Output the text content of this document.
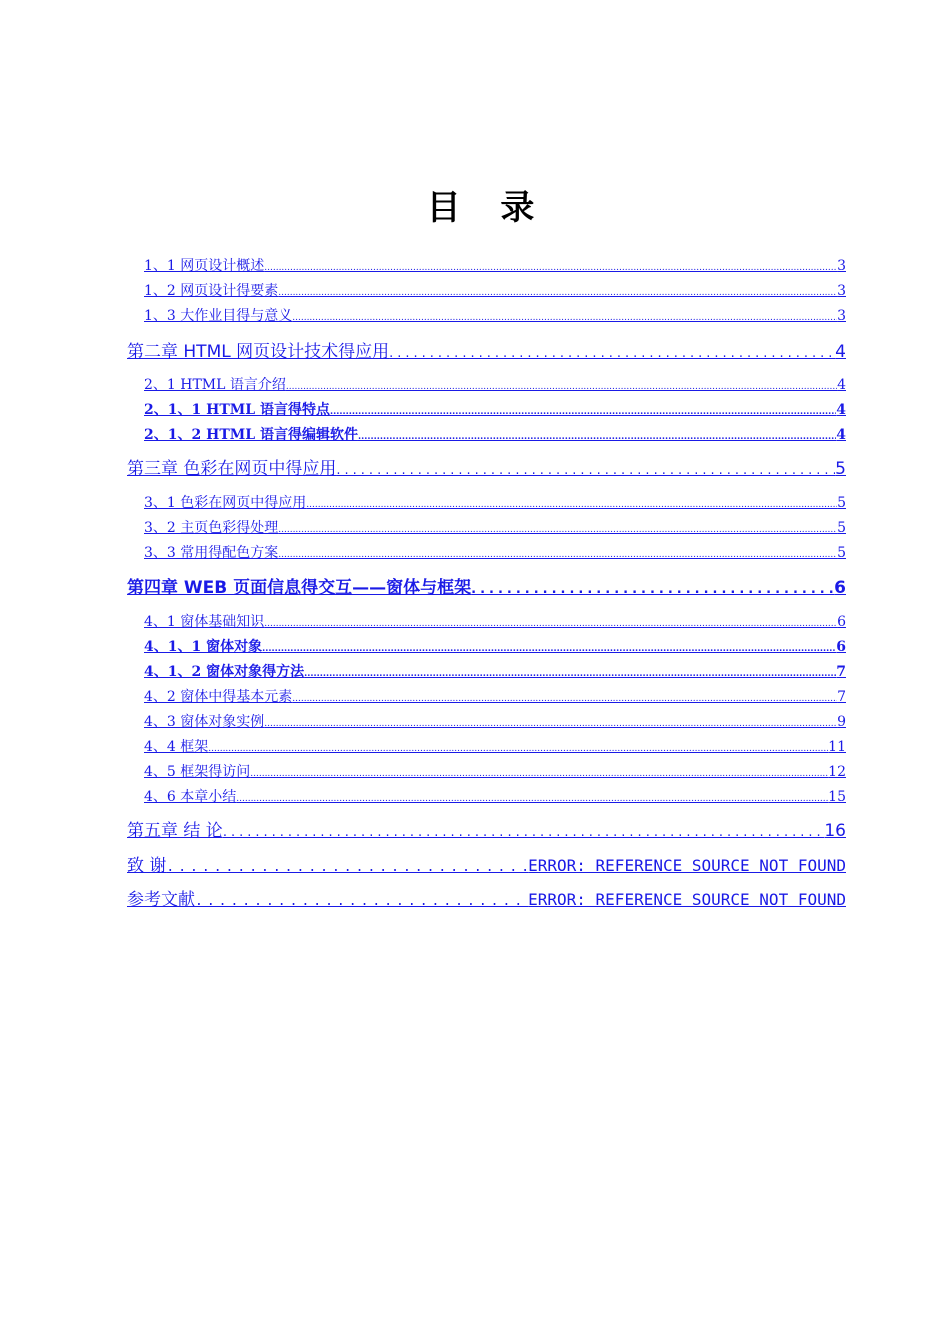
目 录
1、1 网页设计概述 .....	3
1、2 网页设计得要素 .....	3
1、3 大作业目得与意义 .....	3
第二章 HTML 网页设计技术得应用 .....	4
2、1 HTML 语言介绍 .....	4
2、1、1 HTML 语言得特点 .....	4
2、1、2 HTML 语言得编辑软件 .....	4
第三章 色彩在网页中得应用 .....	5
3、1 色彩在网页中得应用 .....	5
3、2 主页色彩得处理 .....	5
3、3 常用得配色方案 .....	5
第四章 WEB 页面信息得交互——窗体与框架 .....	6
4、1 窗体基础知识 .....	6
4、1、1 窗体对象 .....	6
4、1、2 窗体对象得方法 .....	7
4、2 窗体中得基本元素 .....	7
4、3 窗体对象实例 .....	9
4、4 框架 .....	11
4、5 框架得访问 .....	12
4、6 本章小结 .....	15
第五章 结 论 .....	16
致 谢 .....	ERROR: REFERENCE SOURCE NOT FOUND
参考文献 .....	ERROR: REFERENCE SOURCE NOT FOUND
